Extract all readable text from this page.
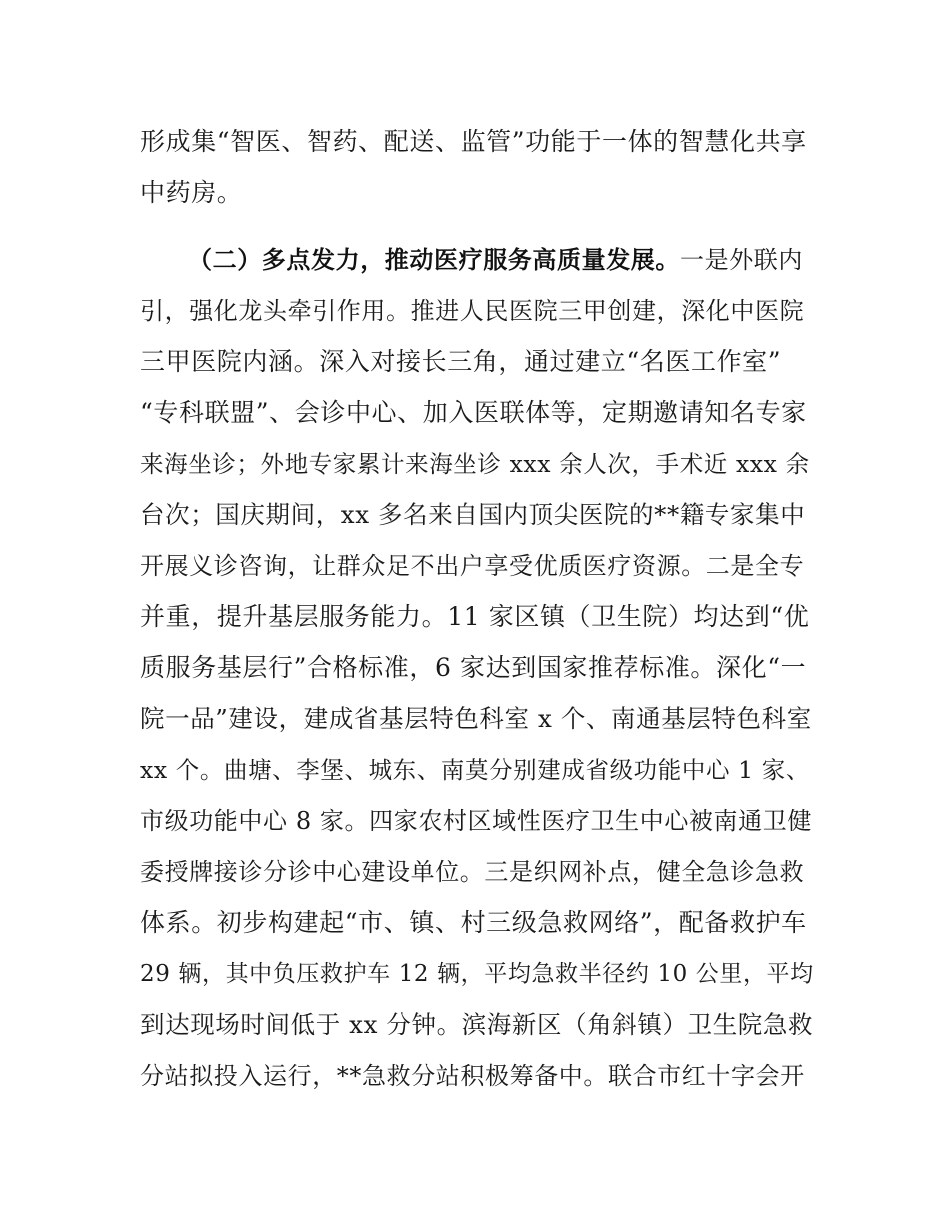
形成集“智医、智药、配送、监管”功能于一体的智慧化共享
中药房。
（二）多点发力，推动医疗服务高质量发展。一是外联内
引，强化龙头牵引作用。推进人民医院三甲创建，深化中医院
三甲医院内涵。深入对接长三角，通过建立“名医工作室”
“专科联盟”、会诊中心、加入医联体等，定期邀请知名专家
来海坐诊；外地专家累计来海坐诊 xxx 余人次，手术近 xxx 余
台次；国庆期间，xx 多名来自国内顶尖医院的**籍专家集中
开展义诊咨询，让群众足不出户享受优质医疗资源。二是全专
并重，提升基层服务能力。11 家区镇（卫生院）均达到“优
质服务基层行”合格标准，6 家达到国家推荐标准。深化“一
院一品”建设，建成省基层特色科室 x 个、南通基层特色科室
xx 个。曲塘、李堡、城东、南莫分别建成省级功能中心 1 家、
市级功能中心 8 家。四家农村区域性医疗卫生中心被南通卫健
委授牌接诊分诊中心建设单位。三是织网补点，健全急诊急救
体系。初步构建起“市、镇、村三级急救网络”，配备救护车
29 辆，其中负压救护车 12 辆，平均急救半径约 10 公里，平均
到达现场时间低于 xx 分钟。滨海新区（角斜镇）卫生院急救
分站拟投入运行，**急救分站积极筹备中。联合市红十字会开
